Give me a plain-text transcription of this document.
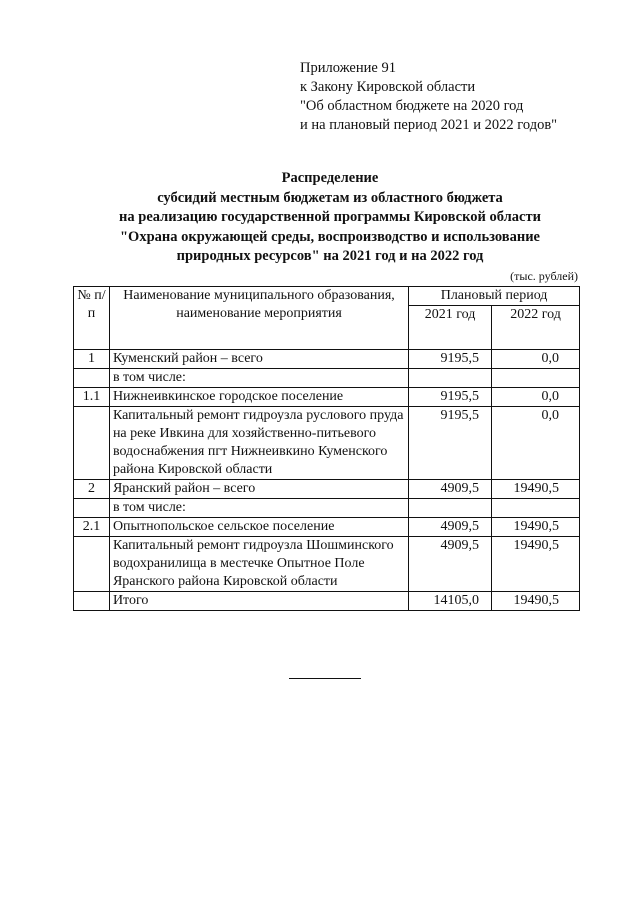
Приложение 91
к Закону Кировской области
"Об областном бюджете на 2020 год
и на плановый период 2021 и 2022 годов"
Распределение
субсидий местным бюджетам из областного бюджета
на реализацию государственной программы Кировской области
"Охрана окружающей среды, воспроизводство и использование
природных ресурсов" на 2021 год и на 2022 год
(тыс. рублей)
№ п/п	Наименование муниципального образования, наименование мероприятия	Плановый период	
		2021 год	2022 год
1	Куменский район – всего	9195,5	0,0
	в том числе:		
1.1	Нижнеивкинское городское поселение	9195,5	0,0
	Капитальный ремонт гидроузла руслового пруда на реке Ивкина для хозяйственно-питьевого водоснабжения пгт Нижнеивкино Куменского района Кировской области	9195,5	0,0
2	Яранский район – всего	4909,5	19490,5
	в том числе:		
2.1	Опытнопольское сельское поселение	4909,5	19490,5
	Капитальный ремонт гидроузла Шошминского водохранилища в местечке Опытное Поле Яранского района Кировской области	4909,5	19490,5
	Итого	14105,0	19490,5
